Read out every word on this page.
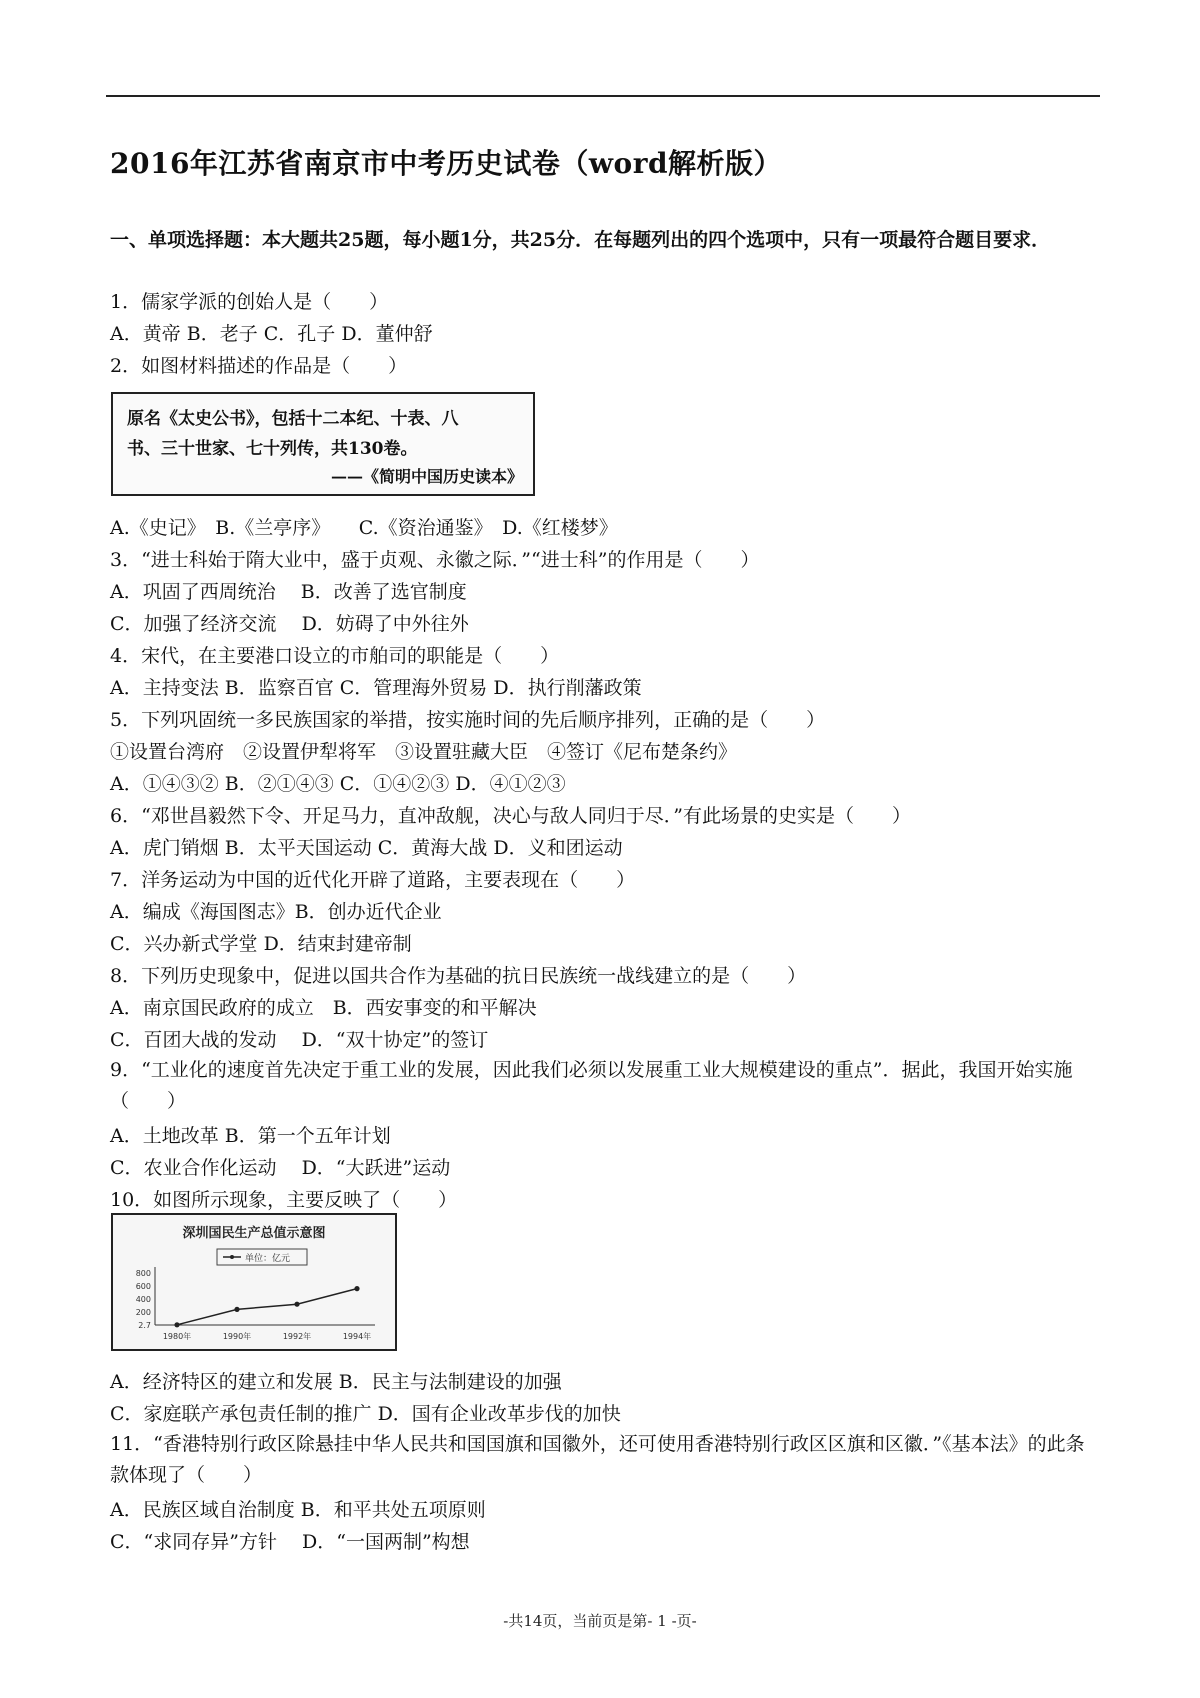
2016年江苏省南京市中考历史试卷（word解析版）
一、单项选择题：本大题共25题，每小题1分，共25分．在每题列出的四个选项中，只有一项最符合题目要求．
1．儒家学派的创始人是（　　）
A．黄帝 B．老子 C．孔子 D．董仲舒
2．如图材料描述的作品是（　　）
原名《太史公书》，包括十二本纪、十表、八
书、三十世家、七十列传，共130卷。
——《简明中国历史读本》
A.《史记》　B.《兰亭序》　　C.《资治通鉴》　D.《红楼梦》
3．“进士科始于隋大业中，盛于贞观、永徽之际．”“进士科”的作用是（　　）
A．巩固了西周统治　 B．改善了选官制度
C．加强了经济交流　 D．妨碍了中外往外
4．宋代，在主要港口设立的市舶司的职能是（　　）
A．主持变法 B．监察百官 C．管理海外贸易 D．执行削藩政策
5．下列巩固统一多民族国家的举措，按实施时间的先后顺序排列，正确的是（　　）
①设置台湾府　②设置伊犁将军　③设置驻藏大臣　④签订《尼布楚条约》
A．①④③② B．②①④③ C．①④②③ D．④①②③
6．“邓世昌毅然下令、开足马力，直冲敌舰，决心与敌人同归于尽．”有此场景的史实是（　　）
A．虎门销烟 B．太平天国运动 C．黄海大战 D．义和团运动
7．洋务运动为中国的近代化开辟了道路，主要表现在（　　）
A．编成《海国图志》B．创办近代企业
C．兴办新式学堂 D．结束封建帝制
8．下列历史现象中，促进以国共合作为基础的抗日民族统一战线建立的是（　　）
A．南京国民政府的成立　B．西安事变的和平解决
C．百团大战的发动　 D．“双十协定”的签订
9．“工业化的速度首先决定于重工业的发展，因此我们必须以发展重工业大规模建设的重点”．据此，我国开始实施（　　）
A．土地改革 B．第一个五年计划
C．农业合作化运动　 D．“大跃进”运动
10．如图所示现象，主要反映了（　　）
深圳国民生产总值示意图
单位：亿元
800
600
400
200
2.7
1980年	1990年	1992年	1994年
A．经济特区的建立和发展 B．民主与法制建设的加强
C．家庭联产承包责任制的推广 D．国有企业改革步伐的加快
11．“香港特别行政区除悬挂中华人民共和国国旗和国徽外，还可使用香港特别行政区区旗和区徽．”《基本法》的此条款体现了（　　）
A．民族区域自治制度 B．和平共处五项原则
C．“求同存异”方针　 D．“一国两制”构想
-共14页，当前页是第- 1 -页-
